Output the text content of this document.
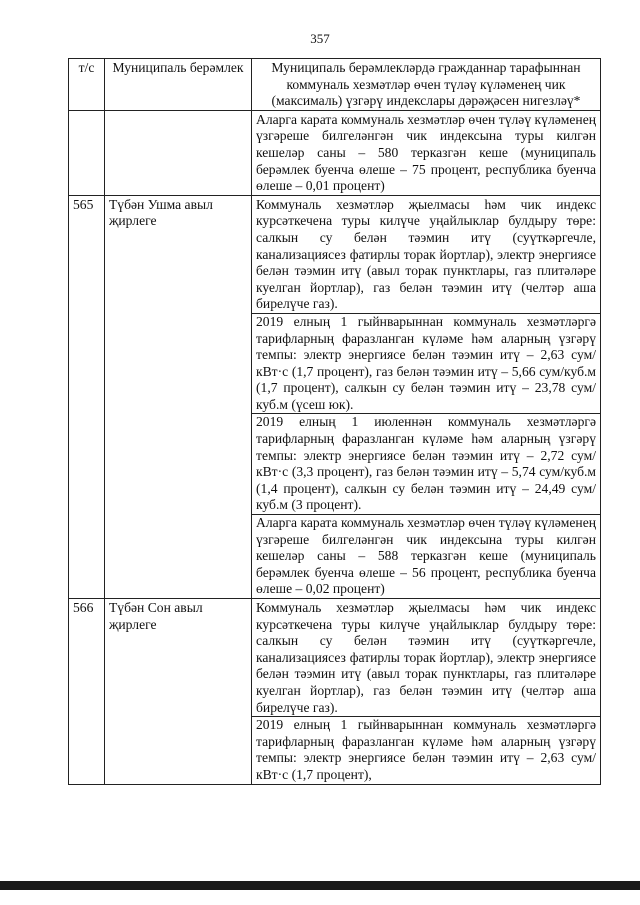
357
т/с	Муниципаль берәмлек	Муниципаль берәмлекләрдә гражданнар тарафыннан коммуналь хезмәтләр өчен түләү күләменең чик (максималь) үзгәрү индекслары дәрәҗәсен нигезләү*

		Аларга карата коммуналь хезмәтләр өчен түләү күләменең үзгәреше билгеләнгән чик индексына туры килгән кешеләр саны – 580 терказгән кеше (муниципаль берәмлек буенча өлеше – 75 процент, республика буенча өлеше – 0,01 процент)

565	Түбән Ушма авыл җирлеге	Коммуналь хезмәтләр җыелмасы һәм чик индекс курсәткечена туры килүче уңайлыклар булдыру төре: салкын су белән тәэмин итү (суүткәргечле, канализациясез фатирлы торак йортлар), электр энергиясе белән тәэмин итү (авыл торак пунктлары, газ плитәләре куелган йортлар), газ белән тәэмин итү (челтәр аша бирелүче газ).
2019 елның 1 гыйнварыннан коммуналь хезмәтләргә тарифларның фаразланган күләме һәм аларның үзгәрү темпы: электр энергиясе белән тәэмин итү – 2,63 сум/кВт·с (1,7 процент), газ белән тәэмин итү – 5,66 сум/куб.м (1,7 процент), салкын су белән тәэмин итү – 23,78 сум/куб.м (үсеш юк).
2019 елның 1 июленнән коммуналь хезмәтләргә тарифларның фаразланган күләме һәм аларның үзгәрү темпы: электр энергиясе белән тәэмин итү – 2,72 сум/кВт·с (3,3 процент), газ белән тәэмин итү – 5,74 сум/куб.м (1,4 процент), салкын су белән тәэмин итү – 24,49 сум/куб.м (3 процент).
Аларга карата коммуналь хезмәтләр өчен түләү күләменең үзгәреше билгеләнгән чик индексына туры килгән кешеләр саны – 588 терказгән кеше (муниципаль берәмлек буенча өлеше – 56 процент, республика буенча өлеше – 0,02 процент)

566	Түбән Сон авыл җирлеге	Коммуналь хезмәтләр җыелмасы һәм чик индекс курсәткечена туры килүче уңайлыклар булдыру төре: салкын су белән тәэмин итү (суүткәргечле, канализациясез фатирлы торак йортлар), электр энергиясе белән тәэмин итү (авыл торак пунктлары, газ плитәләре куелган йортлар), газ белән тәэмин итү (челтәр аша бирелүче газ).
2019 елның 1 гыйнварыннан коммуналь хезмәтләргә тарифларның фаразланган күләме һәм аларның үзгәрү темпы: электр энергиясе белән тәэмин итү – 2,63 сум/кВт·с (1,7 процент),
